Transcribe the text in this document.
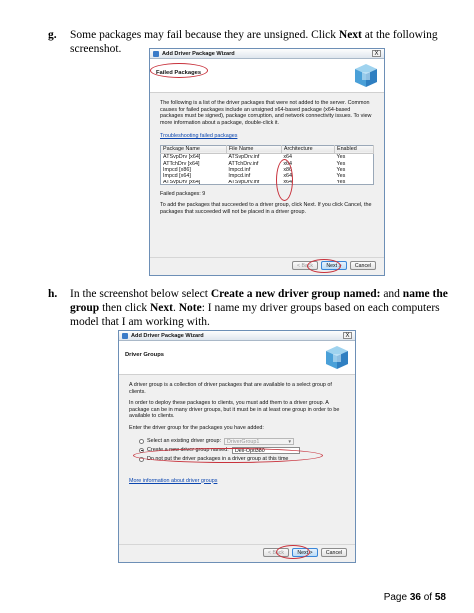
g. Some packages may fail because they are unsigned. Click Next at the following screenshot.	Add Driver Package Wizard	X
Failed Packages

The following is a list of the driver packages that were not added to the server. Common causes for failed packages include an unsigned x64-based package (x64-based packages must be signed), package corruption, and network connectivity issues. To view more information about a package, double-click it.

Troubleshooting failed packages

Package Name	File Name	Architecture	Enabled
ATSvpDrv [x64]	ATSvpDrv.inf	x64	Yes
ATTchDrv [x64]	ATTchDrv.inf	x64	Yes
Impcd [x86]	Impcd.inf	x86	Yes
Impcd [x64]	Impcd.inf	x64	Yes
ATSvpDrv [x64]	ATSvpDrv.inf	x64	Yes

Failed packages: 9

To add the packages that succeeded to a driver group, click Next. If you click Cancel, the packages that succeeded will not be placed in a driver group.

< Back	Next >	Cancel
h. In the screenshot below select Create a new driver group named: and name the group then click Next. Note: I name my driver groups based on each computers model that I am working with.
Add Driver Package Wizard	X
Driver Groups

A driver group is a collection of driver packages that are available to a select group of clients.

In order to deploy these packages to clients, you must add them to a driver group. A package can be in many driver groups, but it must be in at least one group in order to be available to clients.

Enter the driver group for the packages you have added:

Select an existing driver group:	DriverGroup1	▼
Create a new driver group named:	Dell-Opti380
Do not put the driver packages in a driver group at this time

More information about driver groups

< Back	Next >	Cancel
Page 36 of 58
